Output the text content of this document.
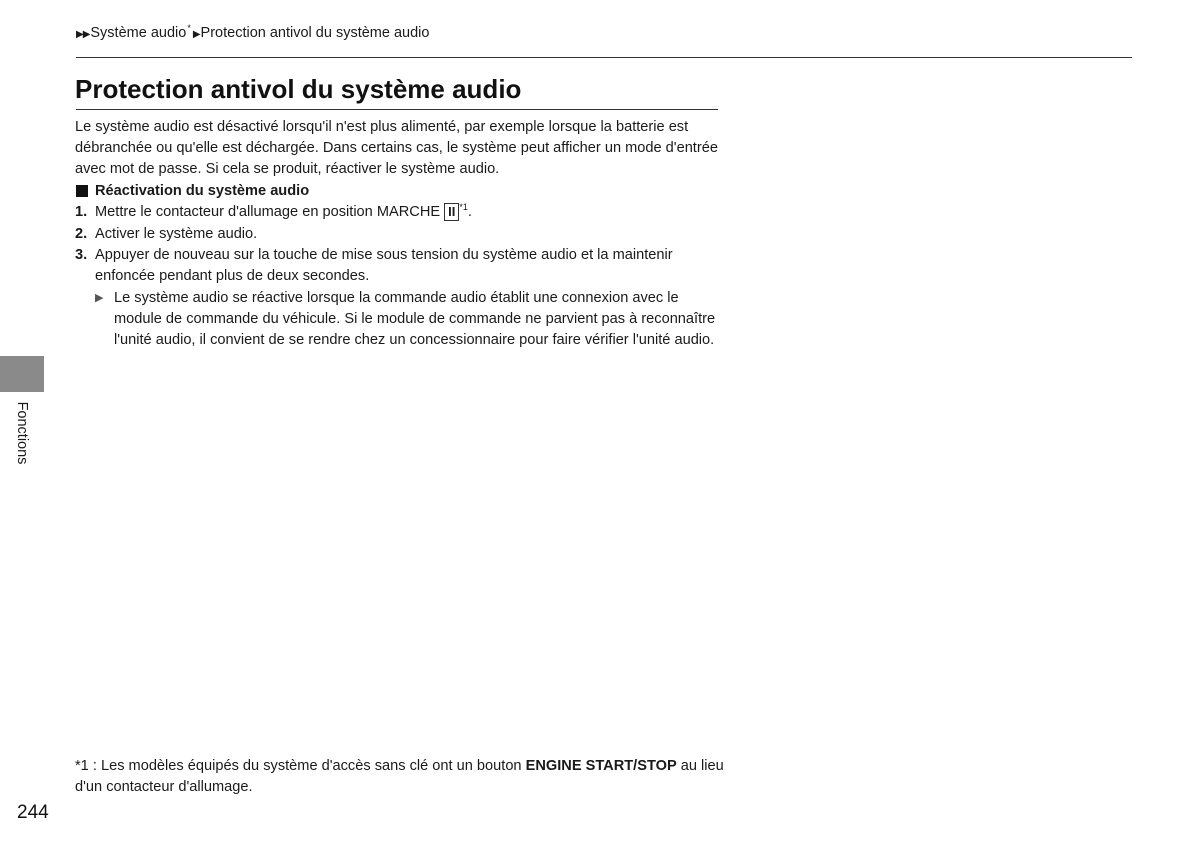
▶▶ Système audio *
▶ Protection antivol du système audio
Protection antivol du système audio

Le système audio est désactivé lorsqu'il n'est plus alimenté, par exemple lorsque la batterie est débranchée ou qu'elle est déchargée. Dans certains cas, le système peut afficher un mode d'entrée avec mot de passe. Si cela se produit, réactiver le système audio.

Réactivation du système audio
1. Mettre le contacteur d'allumage en position MARCHE II $^{*1}$.
2. Activer le système audio.
3. Appuyer de nouveau sur la touche de mise sous tension du système audio et la maintenir enfoncée pendant plus de deux secondes.
▶ Le système audio se réactive lorsque la commande audio établit une connexion avec le module de commande du véhicule. Si le module de commande ne parvient pas à reconnaître l'unité audio, il convient de se rendre chez un concessionnaire pour faire vérifier l'unité audio.
*1 : Les modèles équipés du système d'accès sans clé ont un bouton ENGINE START/STOP au lieu d'un contacteur d'allumage.
Fonctions
244
